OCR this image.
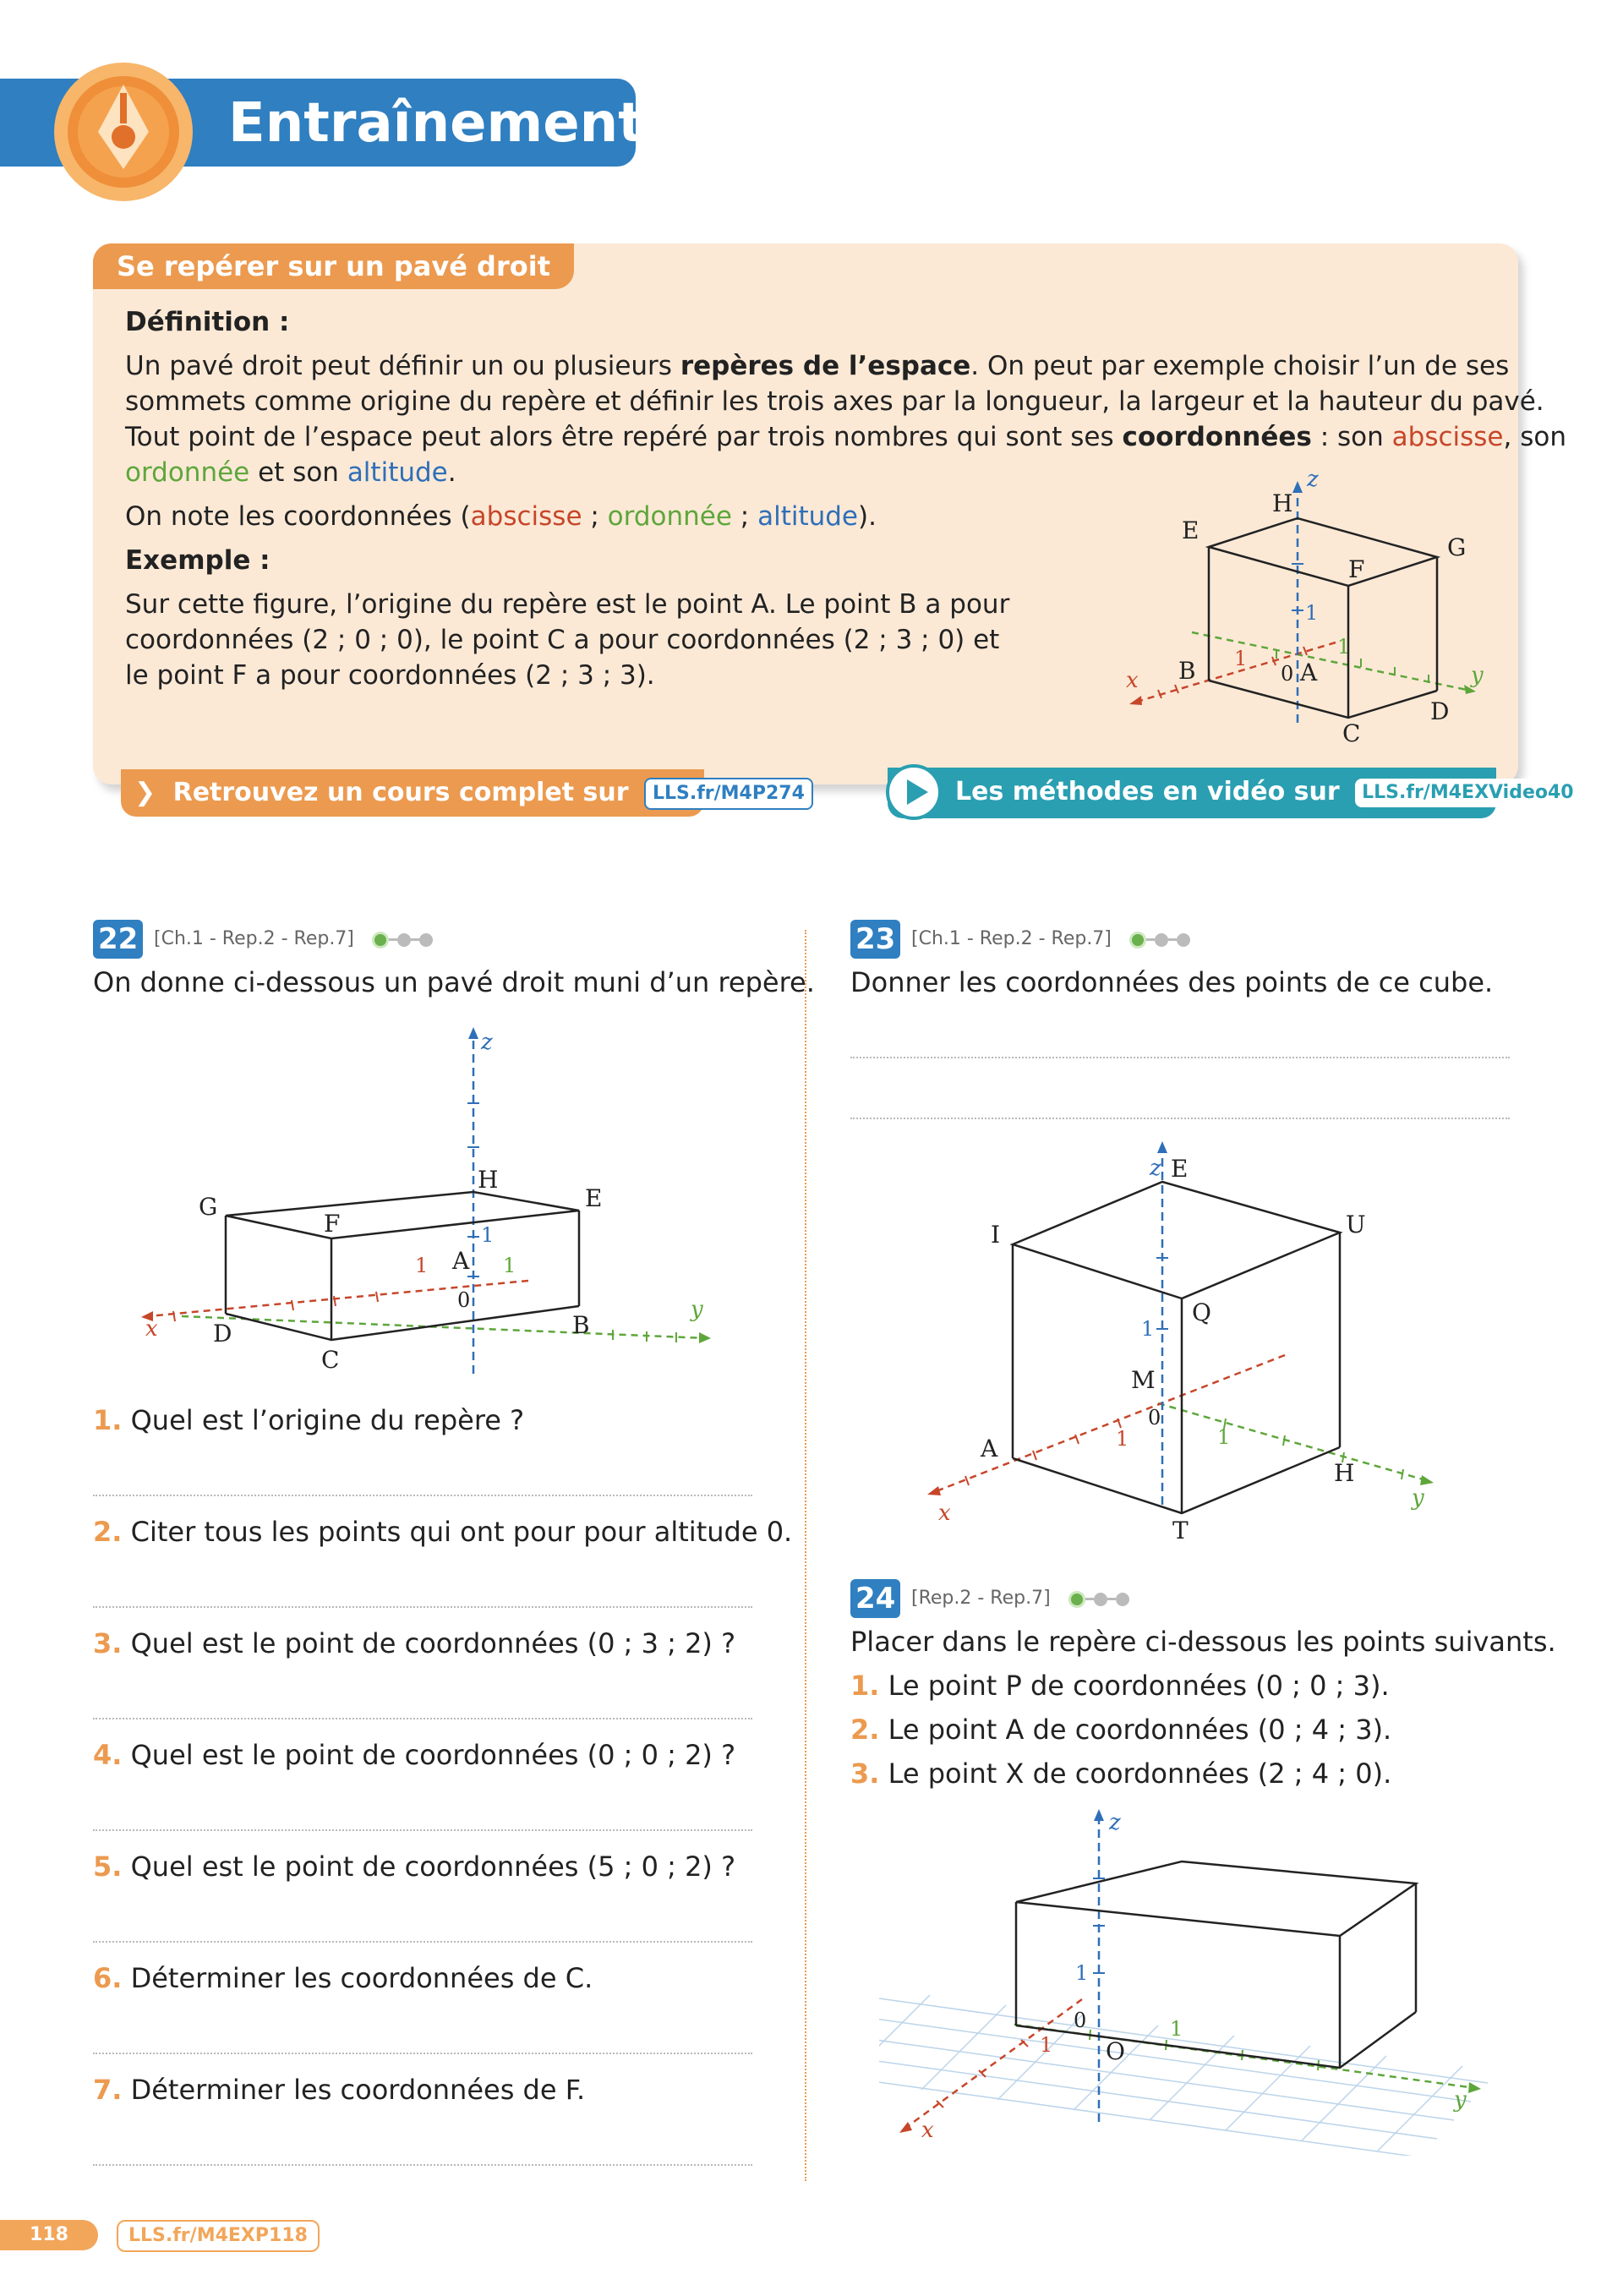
Entraînement
Se repérer sur un pavé droit
Définition :
Un pavé droit peut définir un ou plusieurs repères de l’espace. On peut par exemple choisir l’un de ses
sommets comme origine du repère et définir les trois axes par la longueur, la largeur et la hauteur du pavé.
Tout point de l’espace peut alors être repéré par trois nombres qui sont ses coordonnées : son abscisse, son
ordonnée et son altitude.
On note les coordonnées (abscisse ; ordonnée ; altitude).
Exemple :
Sur cette figure, l’origine du repère est le point A. Le point B a pour
coordonnées (2 ; 0 ; 0), le point C a pour coordonnées (2 ; 3 ; 0) et
le point F a pour coordonnées (2 ; 3 ; 3).
H
E
F
G
B	A
C
D
0
1	1
1
x	y
z
❯ Retrouvez un cours complet sur LLS.fr/M4P274	Les méthodes en vidéo sur LLS.fr/M4EXVideo40
22 [Ch.1 - Rep.2 - Rep.7]
On donne ci-dessous un pavé droit muni d’un repère.
H
G	E
F
A
D
C
B
0
1	1
1
x
y
z
1. Quel est l’origine du repère ?
2. Citer tous les points qui ont pour pour altitude 0.
3. Quel est le point de coordonnées (0 ; 3 ; 2) ?
4. Quel est le point de coordonnées (0 ; 0 ; 2) ?
5. Quel est le point de coordonnées (5 ; 0 ; 2) ?
6. Déterminer les coordonnées de C.
7. Déterminer les coordonnées de F.
23 [Ch.1 - Rep.2 - Rep.7]
Donner les coordonnées des points de ce cube.
E
I	U
Q
M
A
H
T
0
1
1	1
z
x
y
24 [Rep.2 - Rep.7]
Placer dans le repère ci-dessous les points suivants.
1. Le point P de coordonnées (0 ; 0 ; 3).
2. Le point A de coordonnées (0 ; 4 ; 3).
3. Le point X de coordonnées (2 ; 4 ; 0).
0
O
1
1
1
z
x
y
118	LLS.fr/M4EXP118
